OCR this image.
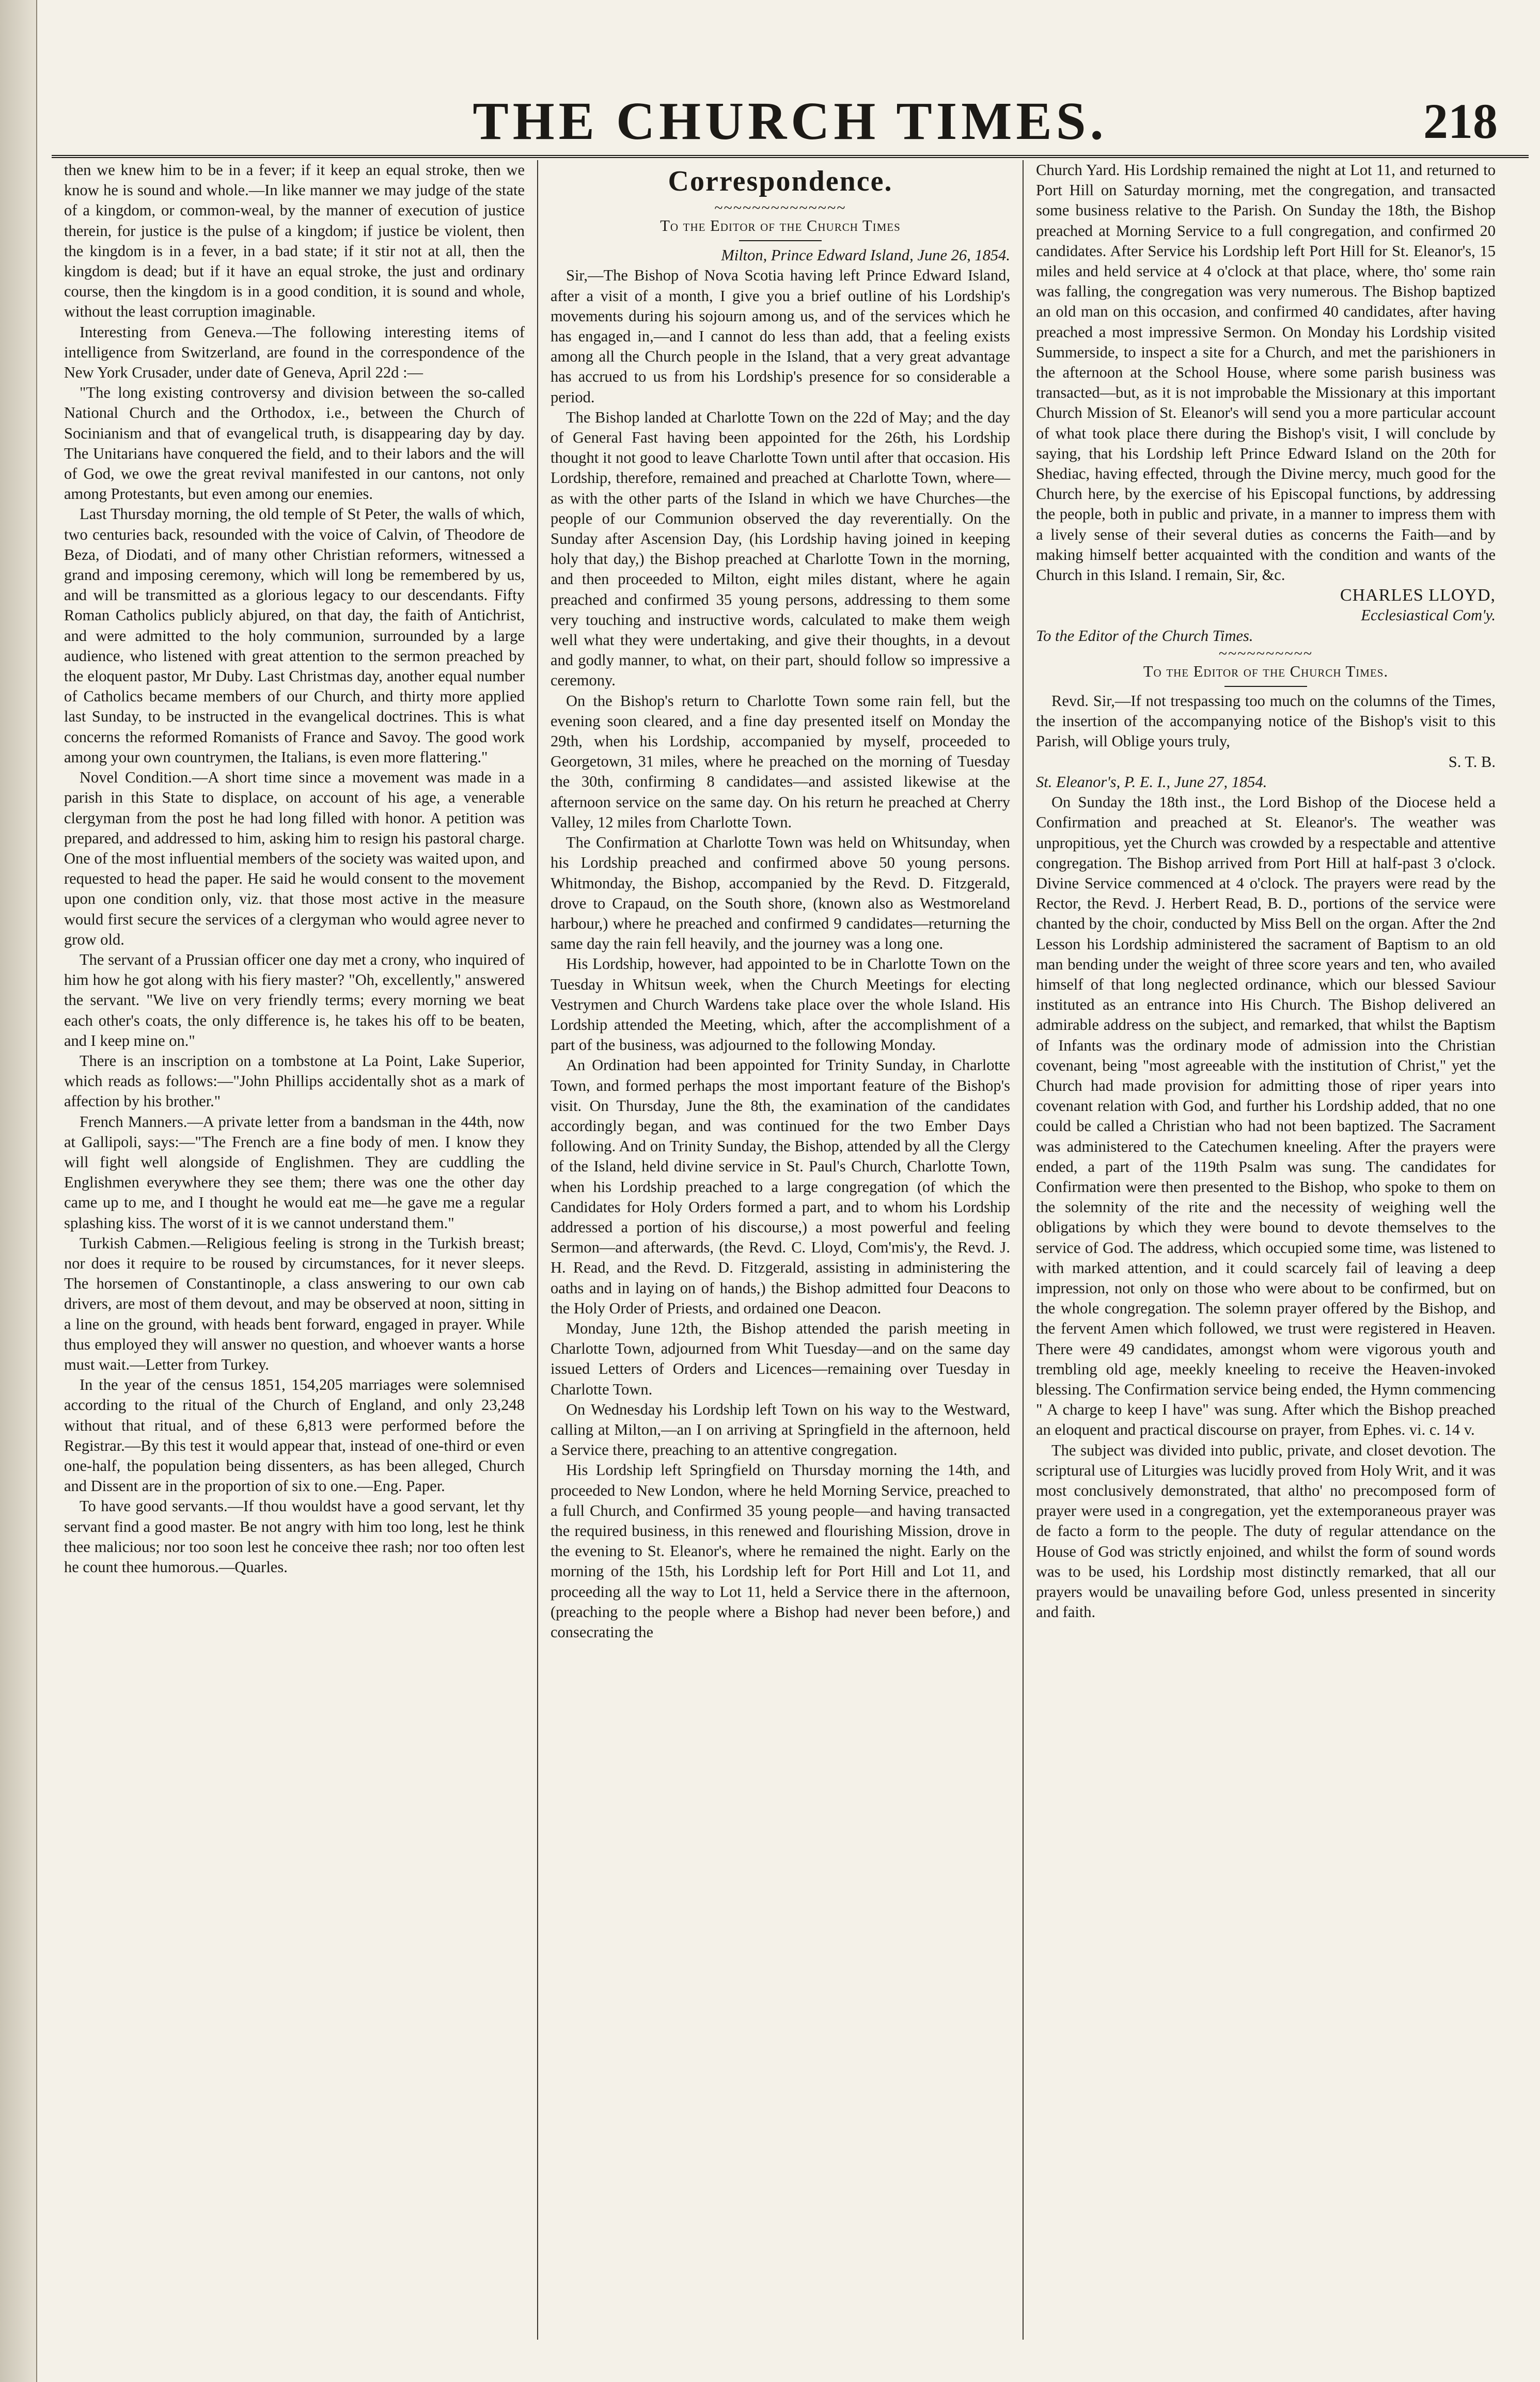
THE CHURCH TIMES.	218

then we knew him to be in a fever; if it keep an equal stroke, then we know he is sound and whole.—In like manner we may judge of the state of a kingdom, or common-weal, by the manner of execution of justice therein, for justice is the pulse of a kingdom; if justice be violent, then the kingdom is in a fever, in a bad state; if it stir not at all, then the kingdom is dead; but if it have an equal stroke, the just and ordinary course, then the kingdom is in a good condition, it is sound and whole, without the least corruption imaginable.

Interesting from Geneva.—The following interesting items of intelligence from Switzerland, are found in the correspondence of the New York Crusader, under date of Geneva, April 22d :—

"The long existing controversy and division between the so-called National Church and the Orthodox, i.e., between the Church of Socinianism and that of evangelical truth, is disappearing day by day. The Unitarians have conquered the field, and to their labors and the will of God, we owe the great revival manifested in our cantons, not only among Protestants, but even among our enemies.

Last Thursday morning, the old temple of St Peter, the walls of which, two centuries back, resounded with the voice of Calvin, of Theodore de Beza, of Diodati, and of many other Christian reformers, witnessed a grand and imposing ceremony, which will long be remembered by us, and will be transmitted as a glorious legacy to our descendants. Fifty Roman Catholics publicly abjured, on that day, the faith of Antichrist, and were admitted to the holy communion, surrounded by a large audience, who listened with great attention to the sermon preached by the eloquent pastor, Mr Duby. Last Christmas day, another equal number of Catholics became members of our Church, and thirty more applied last Sunday, to be instructed in the evangelical doctrines. This is what concerns the reformed Romanists of France and Savoy. The good work among your own countrymen, the Italians, is even more flattering."

Novel Condition.—A short time since a movement was made in a parish in this State to displace, on account of his age, a venerable clergyman from the post he had long filled with honor. A petition was prepared, and addressed to him, asking him to resign his pastoral charge. One of the most influential members of the society was waited upon, and requested to head the paper. He said he would consent to the movement upon one condition only, viz. that those most active in the measure would first secure the services of a clergyman who would agree never to grow old.

The servant of a Prussian officer one day met a crony, who inquired of him how he got along with his fiery master? "Oh, excellently," answered the servant. "We live on very friendly terms; every morning we beat each other's coats, the only difference is, he takes his off to be beaten, and I keep mine on."

There is an inscription on a tombstone at La Point, Lake Superior, which reads as follows:—"John Phillips accidentally shot as a mark of affection by his brother."

French Manners.—A private letter from a bandsman in the 44th, now at Gallipoli, says:—"The French are a fine body of men. I know they will fight well alongside of Englishmen. They are cuddling the Englishmen everywhere they see them; there was one the other day came up to me, and I thought he would eat me—he gave me a regular splashing kiss. The worst of it is we cannot understand them."

Turkish Cabmen.—Religious feeling is strong in the Turkish breast; nor does it require to be roused by circumstances, for it never sleeps. The horsemen of Constantinople, a class answering to our own cab drivers, are most of them devout, and may be observed at noon, sitting in a line on the ground, with heads bent forward, engaged in prayer. While thus employed they will answer no question, and whoever wants a horse must wait.—Letter from Turkey.

In the year of the census 1851, 154,205 marriages were solemnised according to the ritual of the Church of England, and only 23,248 without that ritual, and of these 6,813 were performed before the Registrar.—By this test it would appear that, instead of one-third or even one-half, the population being dissenters, as has been alleged, Church and Dissent are in the proportion of six to one.—Eng. Paper.

To have good servants.—If thou wouldst have a good servant, let thy servant find a good master. Be not angry with him too long, lest he think thee malicious; nor too soon lest he conceive thee rash; nor too often lest he count thee humorous.—Quarles.

Correspondence.
~~~~~~~~~~~~~~

To the Editor of the Church Times

Milton, Prince Edward Island, June 26, 1854.

Sir,—The Bishop of Nova Scotia having left Prince Edward Island, after a visit of a month, I give you a brief outline of his Lordship's movements during his sojourn among us, and of the services which he has engaged in,—and I cannot do less than add, that a feeling exists among all the Church people in the Island, that a very great advantage has accrued to us from his Lordship's presence for so considerable a period.

The Bishop landed at Charlotte Town on the 22d of May; and the day of General Fast having been appointed for the 26th, his Lordship thought it not good to leave Charlotte Town until after that occasion. His Lordship, therefore, remained and preached at Charlotte Town, where—as with the other parts of the Island in which we have Churches—the people of our Communion observed the day reverentially. On the Sunday after Ascension Day, (his Lordship having joined in keeping holy that day,) the Bishop preached at Charlotte Town in the morning, and then proceeded to Milton, eight miles distant, where he again preached and confirmed 35 young persons, addressing to them some very touching and instructive words, calculated to make them weigh well what they were undertaking, and give their thoughts, in a devout and godly manner, to what, on their part, should follow so impressive a ceremony.

On the Bishop's return to Charlotte Town some rain fell, but the evening soon cleared, and a fine day presented itself on Monday the 29th, when his Lordship, accompanied by myself, proceeded to Georgetown, 31 miles, where he preached on the morning of Tuesday the 30th, confirming 8 candidates—and assisted likewise at the afternoon service on the same day. On his return he preached at Cherry Valley, 12 miles from Charlotte Town.

The Confirmation at Charlotte Town was held on Whitsunday, when his Lordship preached and confirmed above 50 young persons. Whitmonday, the Bishop, accompanied by the Revd. D. Fitzgerald, drove to Crapaud, on the South shore, (known also as Westmoreland harbour,) where he preached and confirmed 9 candidates—returning the same day the rain fell heavily, and the journey was a long one.

His Lordship, however, had appointed to be in Charlotte Town on the Tuesday in Whitsun week, when the Church Meetings for electing Vestrymen and Church Wardens take place over the whole Island. His Lordship attended the Meeting, which, after the accomplishment of a part of the business, was adjourned to the following Monday.

An Ordination had been appointed for Trinity Sunday, in Charlotte Town, and formed perhaps the most important feature of the Bishop's visit. On Thursday, June the 8th, the examination of the candidates accordingly began, and was continued for the two Ember Days following. And on Trinity Sunday, the Bishop, attended by all the Clergy of the Island, held divine service in St. Paul's Church, Charlotte Town, when his Lordship preached to a large congregation (of which the Candidates for Holy Orders formed a part, and to whom his Lordship addressed a portion of his discourse,) a most powerful and feeling Sermon—and afterwards, (the Revd. C. Lloyd, Com'mis'y, the Revd. J. H. Read, and the Revd. D. Fitzgerald, assisting in administering the oaths and in laying on of hands,) the Bishop admitted four Deacons to the Holy Order of Priests, and ordained one Deacon.

Monday, June 12th, the Bishop attended the parish meeting in Charlotte Town, adjourned from Whit Tuesday—and on the same day issued Letters of Orders and Licences—remaining over Tuesday in Charlotte Town.

On Wednesday his Lordship left Town on his way to the Westward, calling at Milton,—an I on arriving at Springfield in the afternoon, held a Service there, preaching to an attentive congregation.

His Lordship left Springfield on Thursday morning the 14th, and proceeded to New London, where he held Morning Service, preached to a full Church, and Confirmed 35 young people—and having transacted the required business, in this renewed and flourishing Mission, drove in the evening to St. Eleanor's, where he remained the night. Early on the morning of the 15th, his Lordship left for Port Hill and Lot 11, and proceeding all the way to Lot 11, held a Service there in the afternoon, (preaching to the people where a Bishop had never been before,) and consecrating the

Church Yard. His Lordship remained the night at Lot 11, and returned to Port Hill on Saturday morning, met the congregation, and transacted some business relative to the Parish. On Sunday the 18th, the Bishop preached at Morning Service to a full congregation, and confirmed 20 candidates. After Service his Lordship left Port Hill for St. Eleanor's, 15 miles and held service at 4 o'clock at that place, where, tho' some rain was falling, the congregation was very numerous. The Bishop baptized an old man on this occasion, and confirmed 40 candidates, after having preached a most impressive Sermon. On Monday his Lordship visited Summerside, to inspect a site for a Church, and met the parishioners in the afternoon at the School House, where some parish business was transacted—but, as it is not improbable the Missionary at this important Church Mission of St. Eleanor's will send you a more particular account of what took place there during the Bishop's visit, I will conclude by saying, that his Lordship left Prince Edward Island on the 20th for Shediac, having effected, through the Divine mercy, much good for the Church here, by the exercise of his Episcopal functions, by addressing the people, both in public and private, in a manner to impress them with a lively sense of their several duties as concerns the Faith—and by making himself better acquainted with the condition and wants of the Church in this Island. I remain, Sir, &c.

CHARLES LLOYD,

Ecclesiastical Com'y.

To the Editor of the Church Times.

~~~~~~~~~~

To the Editor of the Church Times.

Revd. Sir,—If not trespassing too much on the columns of the Times, the insertion of the accompanying notice of the Bishop's visit to this Parish, will Oblige yours truly,

S. T. B.

St. Eleanor's, P. E. I., June 27, 1854.

On Sunday the 18th inst., the Lord Bishop of the Diocese held a Confirmation and preached at St. Eleanor's. The weather was unpropitious, yet the Church was crowded by a respectable and attentive congregation. The Bishop arrived from Port Hill at half-past 3 o'clock. Divine Service commenced at 4 o'clock. The prayers were read by the Rector, the Revd. J. Herbert Read, B. D., portions of the service were chanted by the choir, conducted by Miss Bell on the organ. After the 2nd Lesson his Lordship administered the sacrament of Baptism to an old man bending under the weight of three score years and ten, who availed himself of that long neglected ordinance, which our blessed Saviour instituted as an entrance into His Church. The Bishop delivered an admirable address on the subject, and remarked, that whilst the Baptism of Infants was the ordinary mode of admission into the Christian covenant, being "most agreeable with the institution of Christ," yet the Church had made provision for admitting those of riper years into covenant relation with God, and further his Lordship added, that no one could be called a Christian who had not been baptized. The Sacrament was administered to the Catechumen kneeling. After the prayers were ended, a part of the 119th Psalm was sung. The candidates for Confirmation were then presented to the Bishop, who spoke to them on the solemnity of the rite and the necessity of weighing well the obligations by which they were bound to devote themselves to the service of God. The address, which occupied some time, was listened to with marked attention, and it could scarcely fail of leaving a deep impression, not only on those who were about to be confirmed, but on the whole congregation. The solemn prayer offered by the Bishop, and the fervent Amen which followed, we trust were registered in Heaven. There were 49 candidates, amongst whom were vigorous youth and trembling old age, meekly kneeling to receive the Heaven-invoked blessing. The Confirmation service being ended, the Hymn commencing " A charge to keep I have" was sung. After which the Bishop preached an eloquent and practical discourse on prayer, from Ephes. vi. c. 14 v.

The subject was divided into public, private, and closet devotion. The scriptural use of Liturgies was lucidly proved from Holy Writ, and it was most conclusively demonstrated, that altho' no precomposed form of prayer were used in a congregation, yet the extemporaneous prayer was de facto a form to the people. The duty of regular attendance on the House of God was strictly enjoined, and whilst the form of sound words was to be used, his Lordship most distinctly remarked, that all our prayers would be unavailing before God, unless presented in sincerity and faith.
